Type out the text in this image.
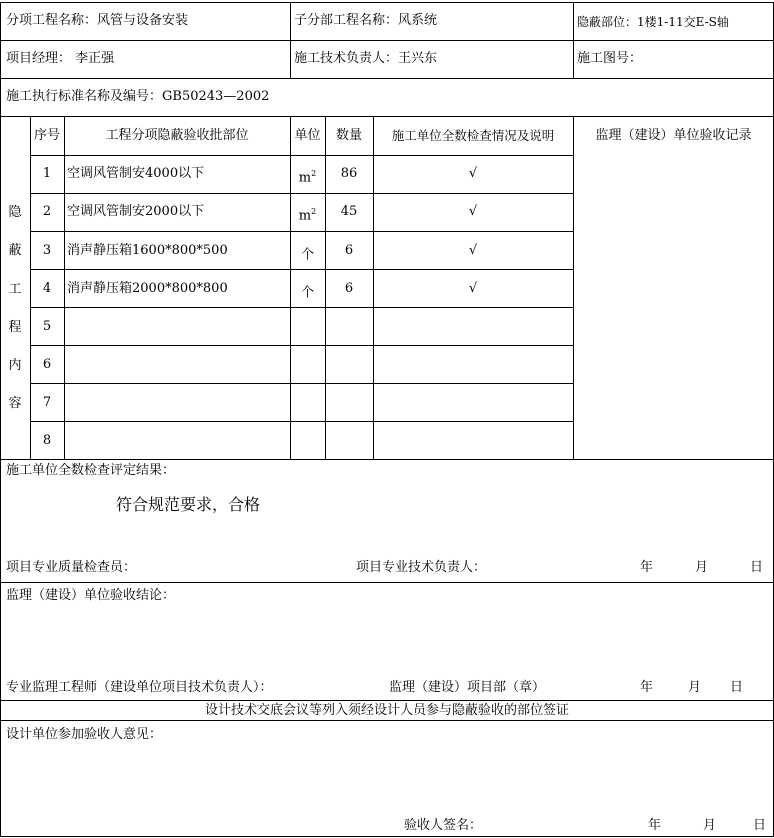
分项工程名称：风管与设备安装	子分部工程名称：风系统	隐蔽部位：1楼1-11交E-S轴
项目经理： 李正强	施工技术负责人：王兴东	施工图号：
施工执行标准名称及编号：GB50243—2002
隐
蔽
工
程
内
容
序号	工程分项隐蔽验收批部位	单位	数量	施工单位全数检查情况及说明	监理（建设）单位验收记录
1	空调风管制安4000以下	$m^2$	86	√
2	空调风管制安2000以下	$m^2$	45	√
3	消声静压箱1600*800*500	个	6	√
4	消声静压箱2000*800*800	个	6	√
5
6
7
8
施工单位全数检查评定结果：
符合规范要求，合格
项目专业质量检查员：	项目专业技术负责人：	年	月	日
监理（建设）单位验收结论：
专业监理工程师（建设单位项目技术负责人）：	监理（建设）项目部（章）	年	月 日
设计技术交底会议等列入须经设计人员参与隐蔽验收的部位签证
设计单位参加验收人意见：
验收人签名：	年	月	日
